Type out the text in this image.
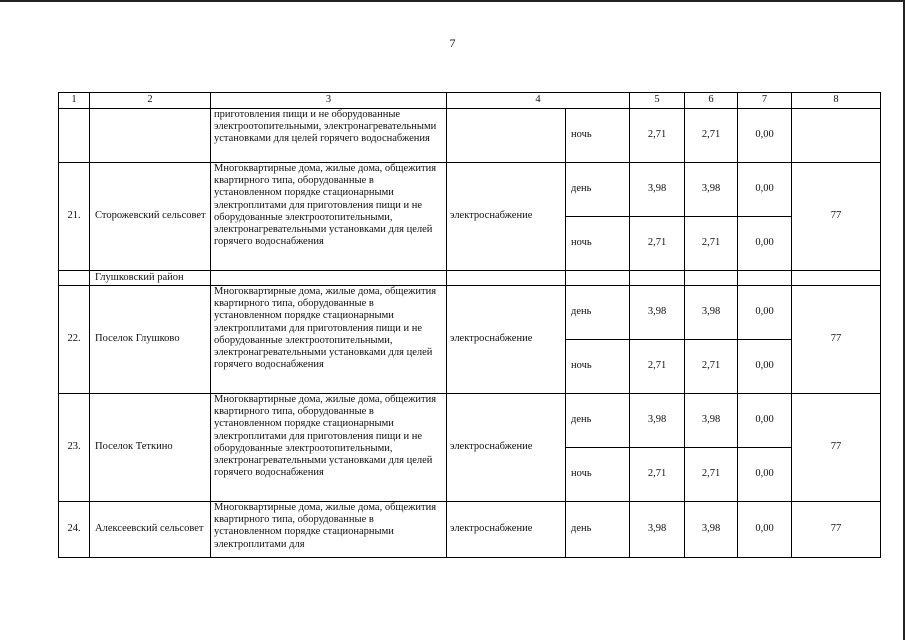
7
1	2	3	4		5	6	7	8
		приготовления пищи и не оборудованные электроотопительными, электронагревательными установками для целей горячего водоснабжения		ночь	2,71	2,71	0,00	
21.	Сторожевский сельсовет	Многоквартирные дома, жилые дома, общежития квартирного типа, оборудованные в установленном порядке стационарными электроплитами для приготовления пищи и не оборудованные электроотопительными, электронагревательными установками для целей горячего водоснабжения	электроснабжение	день	3,98	3,98	0,00	77
				ночь	2,71	2,71	0,00	
	Глушковский район							
22.	Поселок Глушково	Многоквартирные дома, жилые дома, общежития квартирного типа, оборудованные в установленном порядке стационарными электроплитами для приготовления пищи и не оборудованные электроотопительными, электронагревательными установками для целей горячего водоснабжения	электроснабжение	день	3,98	3,98	0,00	77
				ночь	2,71	2,71	0,00	
23.	Поселок Теткино	Многоквартирные дома, жилые дома, общежития квартирного типа, оборудованные в установленном порядке стационарными электроплитами для приготовления пищи и не оборудованные электроотопительными, электронагревательными установками для целей горячего водоснабжения	электроснабжение	день	3,98	3,98	0,00	77
				ночь	2,71	2,71	0,00	
24.	Алексеевский сельсовет	Многоквартирные дома, жилые дома, общежития квартирного типа, оборудованные в установленном порядке стационарными электроплитами для	электроснабжение	день	3,98	3,98	0,00	77
